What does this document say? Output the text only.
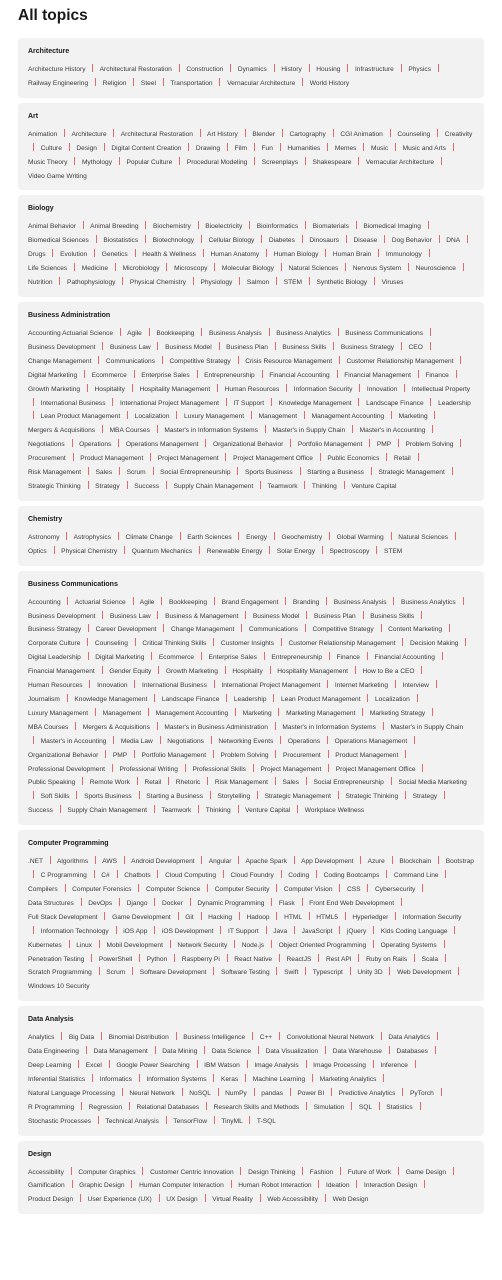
All topics
Architecture
Architecture History Architectural Restoration Construction Dynamics History Housing Infrastructure Physics  Railway Engineering Religion Steel Transportation Vernacular Architecture World History
Art
Animation Architecture Architectural Restoration Art History Blender Cartography CGI Animation Counseling Creativity  Culture Design Digital Content Creation Drawing Film Fun Humanities Memes Music Music and Arts  Music Theory Mythology Popular Culture Procedural Modeling Screenplays Shakespeare Vernacular Architecture  Video Game Writing
Biology
Animal Behavior Animal Breeding Biochemistry Bioelectricity Bioinformatics Biomaterials Biomedical Imaging  Biomedical Sciences Biostatistics Biotechnology Cellular Biology Diabetes Dinosaurs Disease Dog Behavior DNA  Drugs Evolution Genetics Health & Wellness Human Anatomy Human Biology Human Brain Immunology  Life Sciences Medicine Microbiology Microscopy Molecular Biology Natural Sciences Nervous System Neuroscience  Nutrition Pathophysiology Physical Chemistry Physiology Salmon STEM Synthetic Biology Viruses
Business Administration
Accounting Actuarial Science Agile Bookkeeping Business Analysis Business Analytics Business Communications  Business Development Business Law Business Model Business Plan Business Skills Business Strategy CEO  Change Management Communications Competitive Strategy Crisis Resource Management Customer Relationship Management  Digital Marketing Ecommerce Enterprise Sales Entrepreneurship Financial Accounting Financial Management Finance  Growth Marketing Hospitality Hospitality Management Human Resources Information Security Innovation Intellectual Property  International Business International Project Management IT Support Knowledge Management Landscape Finance Leadership  Lean Product Management Localization Luxury Management Management Management Accounting Marketing  Mergers & Acquisitions MBA Courses Master's in Information Systems Master's in Supply Chain Master's in Accounting  Negotiations Operations Operations Management Organizational Behavior Portfolio Management PMP Problem Solving  Procurement Product Management Project Management Project Management Office Public Economics Retail  Risk Management Sales Scrum Social Entrepreneurship Sports Business Starting a Business Strategic Management  Strategic Thinking Strategy Success Supply Chain Management Teamwork Thinking Venture Capital
Chemistry
Astronomy Astrophysics Climate Change Earth Sciences Energy Geochemistry Global Warming Natural Sciences  Optics Physical Chemistry Quantum Mechanics Renewable Energy Solar Energy Spectroscopy STEM
Business Communications
Accounting Actuarial Science Agile Bookkeeping Brand Engagement Branding Business Analysis Business Analytics  Business Development Business Law Business & Management Business Model Business Plan Business Skills  Business Strategy Career Development Change Management Communications Competitive Strategy Content Marketing  Corporate Culture Counseling Critical Thinking Skills Customer Insights Customer Relationship Management Decision Making  Digital Leadership Digital Marketing Ecommerce Enterprise Sales Entrepreneurship Finance Financial Accounting  Financial Management Gender Equity Growth Marketing Hospitality Hospitality Management How to Be a CEO  Human Resources Innovation International Business International Project Management Internet Marketing Interview  Journalism Knowledge Management Landscape Finance Leadership Lean Product Management Localization  Luxury Management Management Management Accounting Marketing Marketing Management Marketing Strategy  MBA Courses Mergers & Acquisitions Master's in Business Administration Master's in Information Systems Master's in Supply Chain  Master's in Accounting Media Law Negotiations Networking Events Operations Operations Management  Organizational Behavior PMP Portfolio Management Problem Solving Procurement Product Management  Professional Development Professional Writing Professional Skills Project Management Project Management Office  Public Speaking Remote Work Retail Rhetoric Risk Management Sales Social Entrepreneurship Social Media Marketing  Soft Skills Sports Business Starting a Business Storytelling Strategic Management Strategic Thinking Strategy  Success Supply Chain Management Teamwork Thinking Venture Capital Workplace Wellness
Computer Programming
.NET Algorithms AWS Android Development Angular Apache Spark App Development Azure Blockchain Bootstrap  C Programming C# Chatbots Cloud Computing Cloud Foundry Coding Coding Bootcamps Command Line  Compilers Computer Forensics Computer Science Computer Security Computer Vision CSS Cybersecurity  Data Structures DevOps Django Docker Dynamic Programming Flask Front End Web Development  Full Stack Development Game Development Git Hacking Hadoop HTML HTML5 Hyperledger Information Security  Information Technology iOS App iOS Development IT Support Java JavaScript jQuery Kids Coding Language  Kubernetes Linux Mobil Development Network Security Node.js Object Oriented Programming Operating Systems  Penetration Testing PowerShell Python Raspberry Pi React Native ReactJS Rest API Ruby on Rails Scala  Scratch Programming Scrum Software Development Software Testing Swift Typescript Unity 3D Web Development  Windows 10 Security
Data Analysis
Analytics Big Data Binomial Distribution Business Intelligence C++ Convolutional Neural Network Data Analytics  Data Engineering Data Management Data Mining Data Science Data Visualization Data Warehouse Databases  Deep Learning Excel Google Power Searching IBM Watson Image Analysis Image Processing Inference  Inferential Statistics Informatics Information Systems Keras Machine Learning Marketing Analytics  Natural Language Processing Neural Network NoSQL NumPy pandas Power BI Predictive Analytics PyTorch  R Programming Regression Relational Databases Research Skills and Methods Simulation SQL Statistics  Stochastic Processes Technical Analysis TensorFlow TinyML T-SQL
Design
Accessibility Computer Graphics Customer Centric Innovation Design Thinking Fashion Future of Work Game Design  Gamification Graphic Design Human Computer Interaction Human Robot Interaction Ideation Interaction Design  Product Design User Experience (UX) UX Design Virtual Reality Web Accessibility Web Design
